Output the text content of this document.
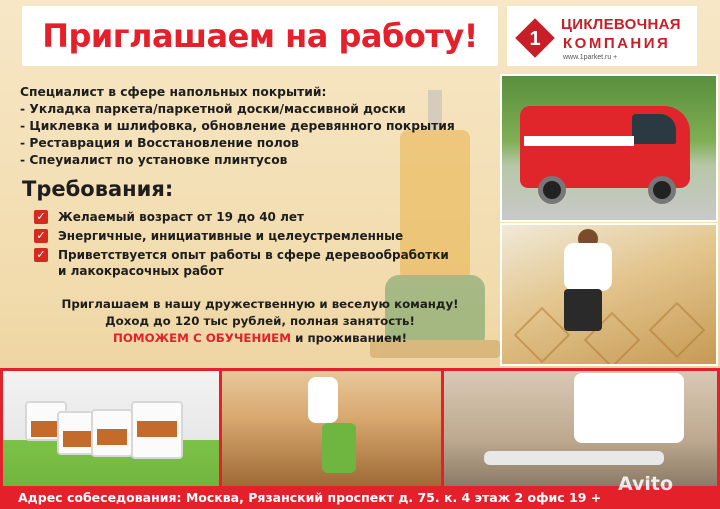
Приглашаем на работу!	1
ЦИКЛЕВОЧНАЯ
КОМПАНИЯ
www.1parket.ru +

Специалист в сфере напольных покрытий:

- Укладка паркета/паркетной доски/массивной доски

- Циклевка и шлифовка, обновление деревянного покрытия

- Реставрация и Восстановление полов

- Спеуиалист по установке плинтусов

Требования:
✓ Желаемый возраст от 19 до 40 лет
✓ Энергичные, инициативные и целеустремленные
✓ Приветствуется опыт работы в сфере деревообработки
и лакокрасочных работ

Приглашаем в нашу дружественную и веселую команду!

Доход до 120 тыс рублей, полная занятость!

ПОМОЖЕМ С ОБУЧЕНИЕМ и проживанием!

Адрес собеседования: Москва, Рязанский проспект д. 75. к. 4 этаж 2 офис 19 +
Avito
